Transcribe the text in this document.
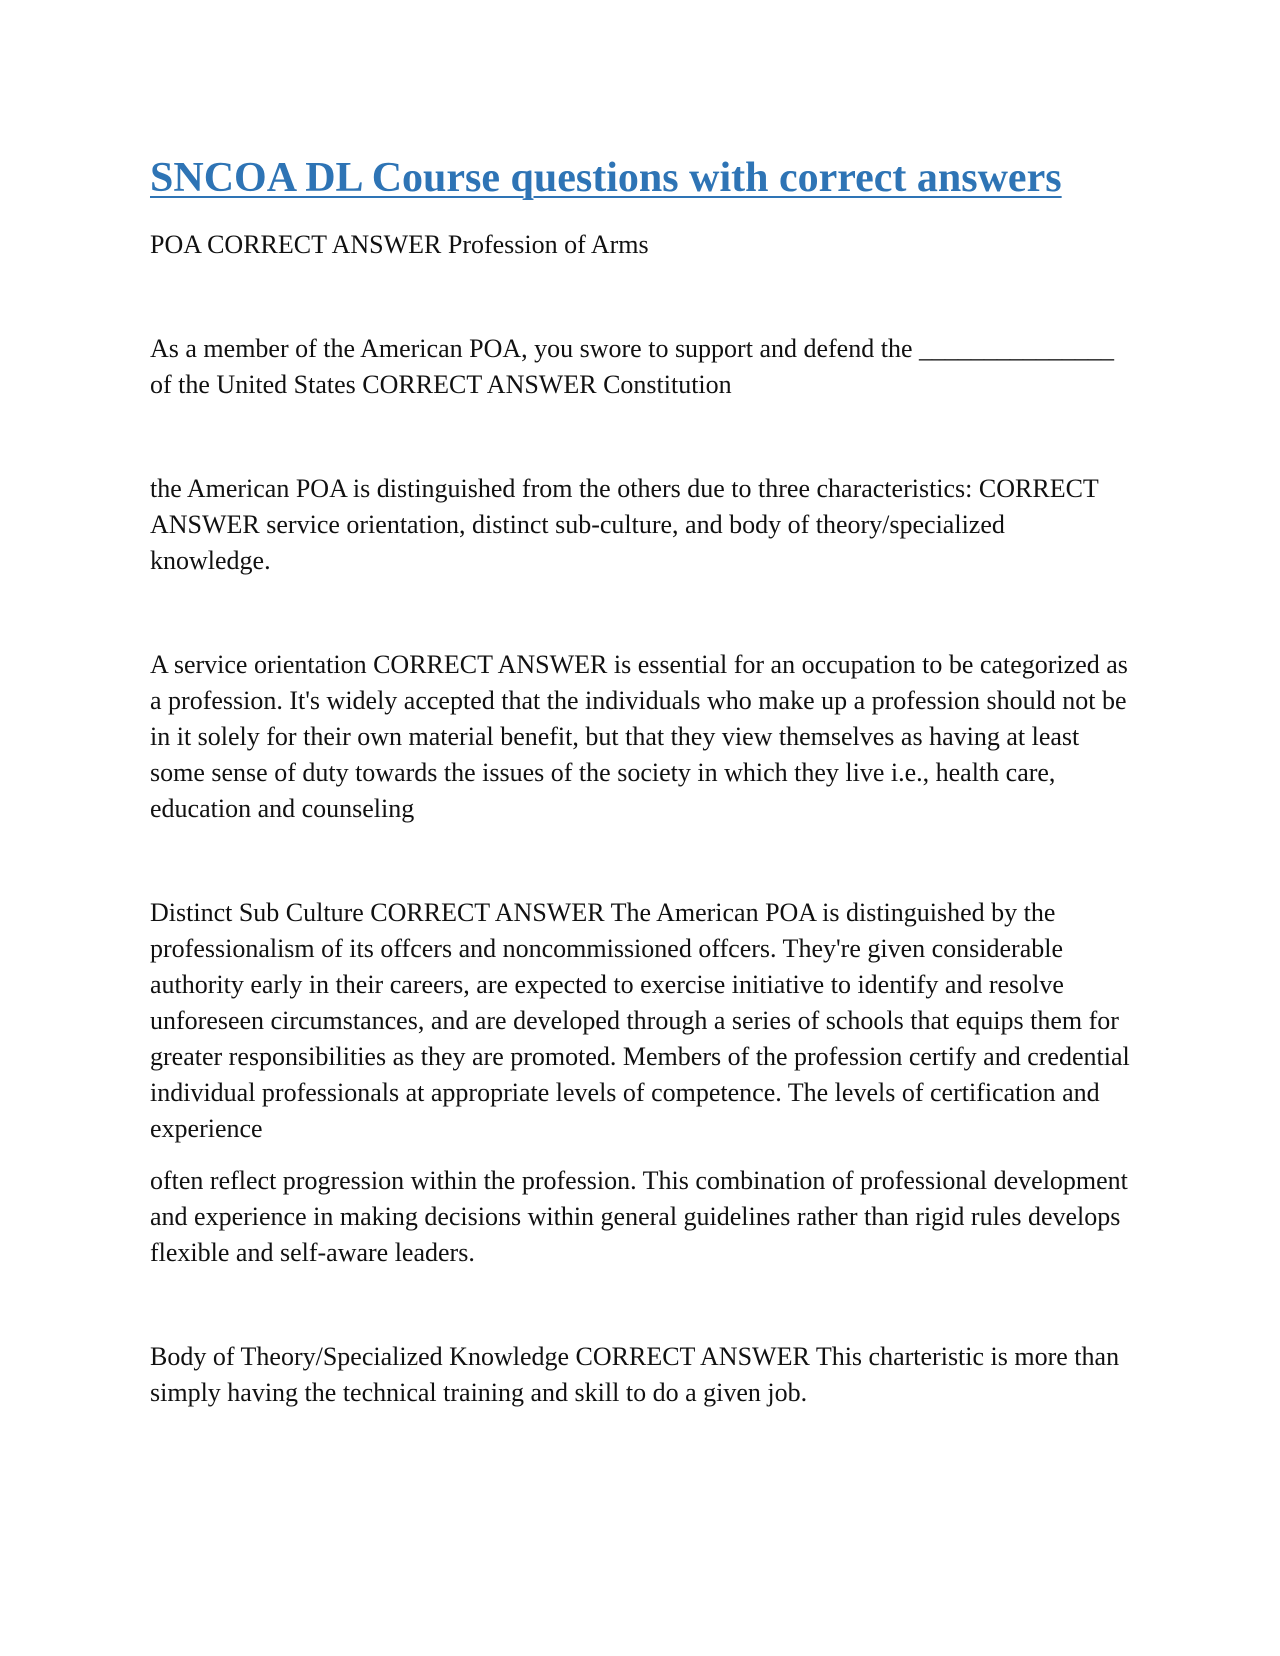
SNCOA DL Course questions with correct answers

POA CORRECT ANSWER Profession of Arms

As a member of the American POA, you swore to support and defend the _______________ of the United States CORRECT ANSWER Constitution

the American POA is distinguished from the others due to three characteristics: CORRECT ANSWER service orientation, distinct sub-culture, and body of theory/specialized knowledge.

A service orientation CORRECT ANSWER is essential for an occupation to be categorized as a profession. It's widely accepted that the individuals who make up a profession should not be in it solely for their own material benefit, but that they view themselves as having at least some sense of duty towards the issues of the society in which they live i.e., health care, education and counseling

Distinct Sub Culture CORRECT ANSWER The American POA is distinguished by the professionalism of its offcers and noncommissioned offcers. They're given considerable authority early in their careers, are expected to exercise initiative to identify and resolve unforeseen circumstances, and are developed through a series of schools that equips them for greater responsibilities as they are promoted. Members of the profession certify and credential individual professionals at appropriate levels of competence. The levels of certification and experience

often reflect progression within the profession. This combination of professional development and experience in making decisions within general guidelines rather than rigid rules develops flexible and self-aware leaders.

Body of Theory/Specialized Knowledge CORRECT ANSWER This charteristic is more than simply having the technical training and skill to do a given job.
